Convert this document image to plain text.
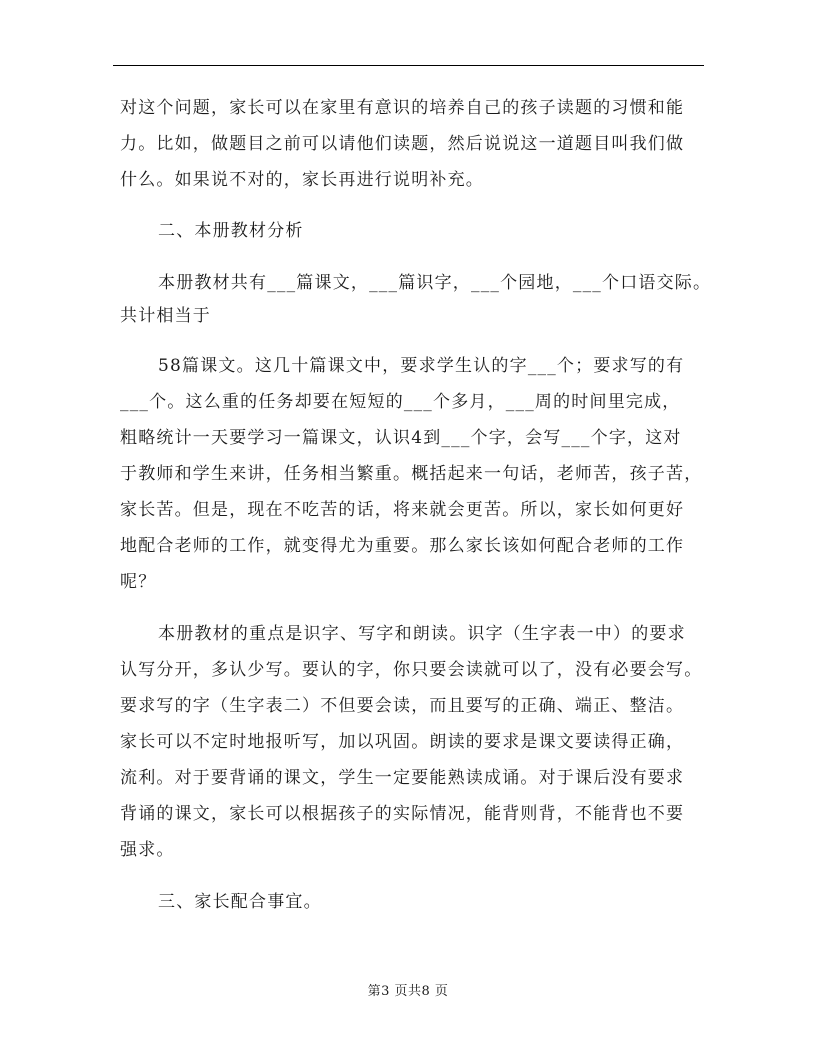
对这个问题，家长可以在家里有意识的培养自己的孩子读题的习惯和能
力。比如，做题目之前可以请他们读题，然后说说这一道题目叫我们做
什么。如果说不对的，家长再进行说明补充。
二、本册教材分析
本册教材共有___篇课文，___篇识字，___个园地，___个口语交际。
共计相当于
58篇课文。这几十篇课文中，要求学生认的字___个；要求写的有
___个。这么重的任务却要在短短的___个多月，___周的时间里完成，
粗略统计一天要学习一篇课文，认识4到___个字，会写___个字，这对
于教师和学生来讲，任务相当繁重。概括起来一句话，老师苦，孩子苦，
家长苦。但是，现在不吃苦的话，将来就会更苦。所以，家长如何更好
地配合老师的工作，就变得尤为重要。那么家长该如何配合老师的工作
呢？
本册教材的重点是识字、写字和朗读。识字（生字表一中）的要求
认写分开，多认少写。要认的字，你只要会读就可以了，没有必要会写。
要求写的字（生字表二）不但要会读，而且要写的正确、端正、整洁。
家长可以不定时地报听写，加以巩固。朗读的要求是课文要读得正确，
流利。对于要背诵的课文，学生一定要能熟读成诵。对于课后没有要求
背诵的课文，家长可以根据孩子的实际情况，能背则背，不能背也不要
强求。
三、家长配合事宜。
第3 页共8 页
